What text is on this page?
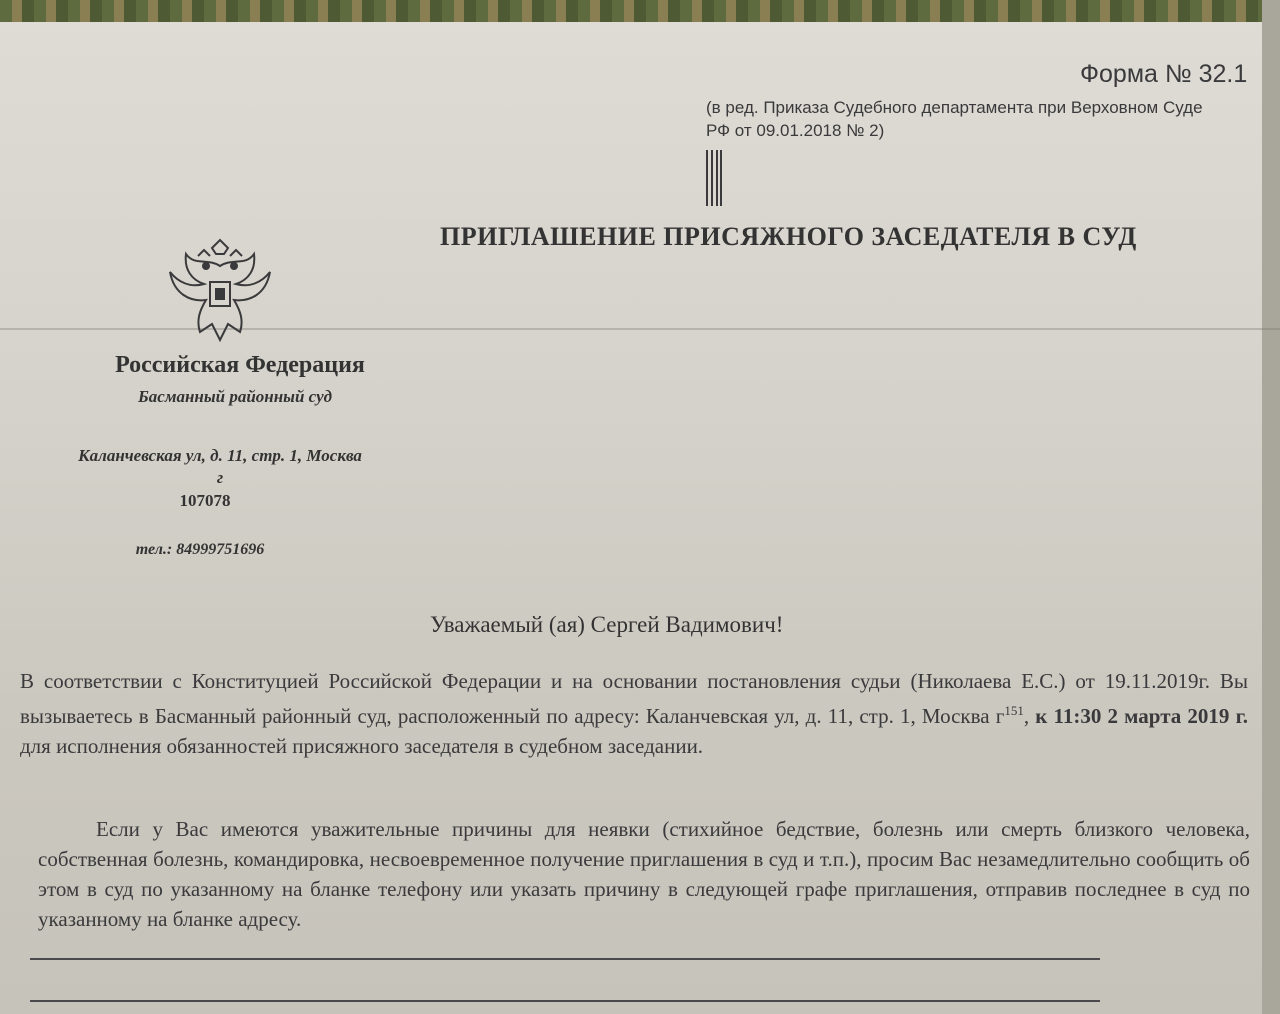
Форма № 32.1
(в ред. Приказа Судебного департамента при Верховном Суде РФ от 09.01.2018 № 2)
ПРИГЛАШЕНИЕ ПРИСЯЖНОГО ЗАСЕДАТЕЛЯ В СУД
Российская Федерация
Басманный районный суд
Каланчевская ул, д. 11, стр. 1, Москва
г
107078
тел.: 84999751696
Уважаемый (ая) Сергей Вадимович!
В соответствии с Конституцией Российской Федерации и на основании постановления судьи (Николаева Е.С.) от 19.11.2019г. Вы вызываетесь в Басманный районный суд, расположенный по адресу: Каланчевская ул, д. 11, стр. 1, Москва $г^{151}$, к 11:30 2 марта 2019 г. для исполнения обязанностей присяжного заседателя в судебном заседании.
Если у Вас имеются уважительные причины для неявки (стихийное бедствие, болезнь или смерть близкого человека, собственная болезнь, командировка, несвоевременное получение приглашения в суд и т.п.), просим Вас незамедлительно сообщить об этом в суд по указанному на бланке телефону или указать причину в следующей графе приглашения, отправив последнее в суд по указанному на бланке адресу.
